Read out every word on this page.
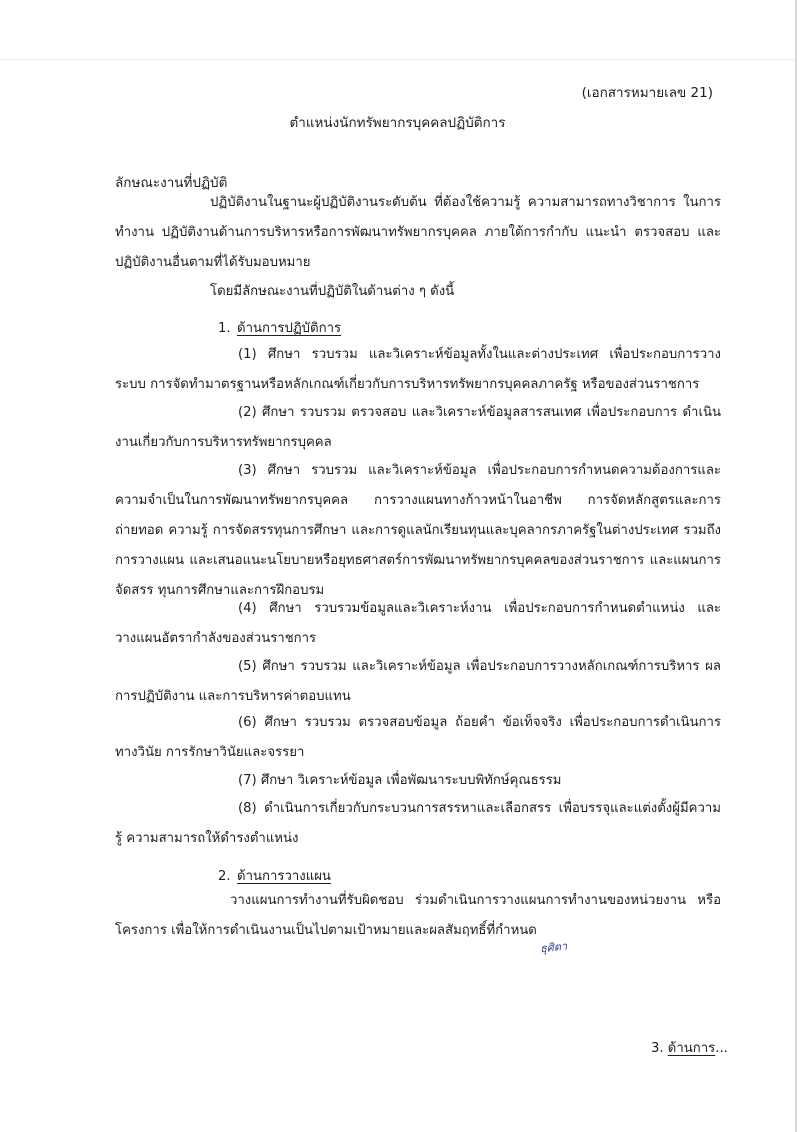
(เอกสารหมายเลข 21)
ตำแหน่งนักทรัพยากรบุคคลปฏิบัติการ
ลักษณะงานที่ปฏิบัติ
ปฏิบัติงานในฐานะผู้ปฏิบัติงานระดับต้น ที่ต้องใช้ความรู้ ความสามารถทางวิชาการ ในการทำงาน ปฏิบัติงานด้านการบริหารหรือการพัฒนาทรัพยากรบุคคล ภายใต้การกำกับ แนะนำ ตรวจสอบ และปฏิบัติงานอื่นตามที่ได้รับมอบหมาย
โดยมีลักษณะงานที่ปฏิบัติในด้านต่าง ๆ ดังนี้
1. ด้านการปฏิบัติการ
(1) ศึกษา รวบรวม และวิเคราะห์ข้อมูลทั้งในและต่างประเทศ เพื่อประกอบการวาง ระบบ การจัดทำมาตรฐานหรือหลักเกณฑ์เกี่ยวกับการบริหารทรัพยากรบุคคลภาครัฐ หรือของส่วนราชการ
(2) ศึกษา รวบรวม ตรวจสอบ และวิเคราะห์ข้อมูลสารสนเทศ เพื่อประกอบการ ดำเนินงานเกี่ยวกับการบริหารทรัพยากรบุคคล
(3) ศึกษา รวบรวม และวิเคราะห์ข้อมูล เพื่อประกอบการกำหนดความต้องการและ ความจำเป็นในการพัฒนาทรัพยากรบุคคล การวางแผนทางก้าวหน้าในอาชีพ การจัดหลักสูตรและการถ่ายทอด ความรู้ การจัดสรรทุนการศึกษา และการดูแลนักเรียนทุนและบุคลากรภาครัฐในต่างประเทศ รวมถึงการวางแผน และเสนอแนะนโยบายหรือยุทธศาสตร์การพัฒนาทรัพยากรบุคคลของส่วนราชการ และแผนการจัดสรร ทุนการศึกษาและการฝึกอบรม
(4) ศึกษา รวบรวมข้อมูลและวิเคราะห์งาน เพื่อประกอบการกำหนดตำแหน่ง และวางแผนอัตรากำลังของส่วนราชการ
(5) ศึกษา รวบรวม และวิเคราะห์ข้อมูล เพื่อประกอบการวางหลักเกณฑ์การบริหาร ผลการปฏิบัติงาน และการบริหารค่าตอบแทน
(6) ศึกษา รวบรวม ตรวจสอบข้อมูล ถ้อยคำ ข้อเท็จจริง เพื่อประกอบการดำเนินการ ทางวินัย การรักษาวินัยและจรรยา
(7) ศึกษา วิเคราะห์ข้อมูล เพื่อพัฒนาระบบพิทักษ์คุณธรรม
(8) ดำเนินการเกี่ยวกับกระบวนการสรรหาและเลือกสรร เพื่อบรรจุและแต่งตั้งผู้มีความรู้ ความสามารถให้ดำรงตำแหน่ง
2. ด้านการวางแผน
วางแผนการทำงานที่รับผิดชอบ ร่วมดำเนินการวางแผนการทำงานของหน่วยงาน หรือโครงการ เพื่อให้การดำเนินงานเป็นไปตามเป้าหมายและผลสัมฤทธิ์ที่กำหนด
ธุศิตา
3. ด้านการ...
